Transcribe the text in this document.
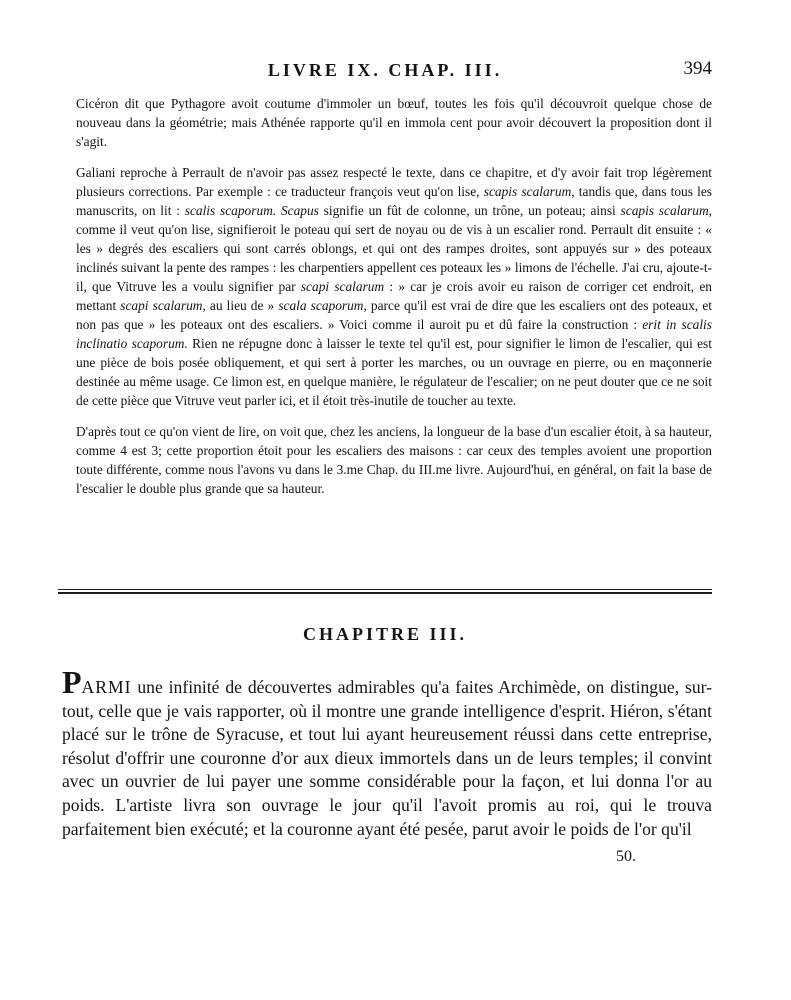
LIVRE IX. CHAP. III.	394

Cicéron dit que Pythagore avoit coutume d'immoler un bœuf, toutes les fois qu'il découvroit quelque chose de nouveau dans la géométrie; mais Athénée rapporte qu'il en immola cent pour avoir découvert la proposition dont il s'agit.

Galiani reproche à Perrault de n'avoir pas assez respecté le texte, dans ce chapitre, et d'y avoir fait trop légèrement plusieurs corrections. Par exemple : ce traducteur françois veut qu'on lise, scapis scalarum, tandis que, dans tous les manuscrits, on lit : scalis scaporum. Scapus signifie un fût de colonne, un trône, un poteau; ainsi scapis scalarum, comme il veut qu'on lise, signifieroit le poteau qui sert de noyau ou de vis à un escalier rond. Perrault dit ensuite : « les » degrés des escaliers qui sont carrés oblongs, et qui ont des rampes droites, sont appuyés sur » des poteaux inclinés suivant la pente des rampes : les charpentiers appellent ces poteaux les » limons de l'échelle. J'ai cru, ajoute-t-il, que Vitruve les a voulu signifier par scapi scalarum : » car je crois avoir eu raison de corriger cet endroit, en mettant scapi scalarum, au lieu de » scala scaporum, parce qu'il est vrai de dire que les escaliers ont des poteaux, et non pas que » les poteaux ont des escaliers. » Voici comme il auroit pu et dû faire la construction : erit in scalis inclinatio scaporum. Rien ne répugne donc à laisser le texte tel qu'il est, pour signifier le limon de l'escalier, qui est une pièce de bois posée obliquement, et qui sert à porter les marches, ou un ouvrage en pierre, ou en maçonnerie destinée au même usage. Ce limon est, en quelque manière, le régulateur de l'escalier; on ne peut douter que ce ne soit de cette pièce que Vitruve veut parler ici, et il étoit très-inutile de toucher au texte.

D'après tout ce qu'on vient de lire, on voit que, chez les anciens, la longueur de la base d'un escalier étoit, à sa hauteur, comme 4 est 3; cette proportion étoit pour les escaliers des maisons : car ceux des temples avoient une proportion toute différente, comme nous l'avons vu dans le 3.me Chap. du III.me livre. Aujourd'hui, en général, on fait la base de l'escalier le double plus grande que sa hauteur.

CHAPITRE III.

PARMI une infinité de découvertes admirables qu'a faites Archimède, on distingue, sur-tout, celle que je vais rapporter, où il montre une grande intelligence d'esprit. Hiéron, s'étant placé sur le trône de Syracuse, et tout lui ayant heureusement réussi dans cette entreprise, résolut d'offrir une couronne d'or aux dieux immortels dans un de leurs temples; il convint avec un ouvrier de lui payer une somme considérable pour la façon, et lui donna l'or au poids. L'artiste livra son ouvrage le jour qu'il l'avoit promis au roi, qui le trouva parfaitement bien exécuté; et la couronne ayant été pesée, parut avoir le poids de l'or qu'il

50.
